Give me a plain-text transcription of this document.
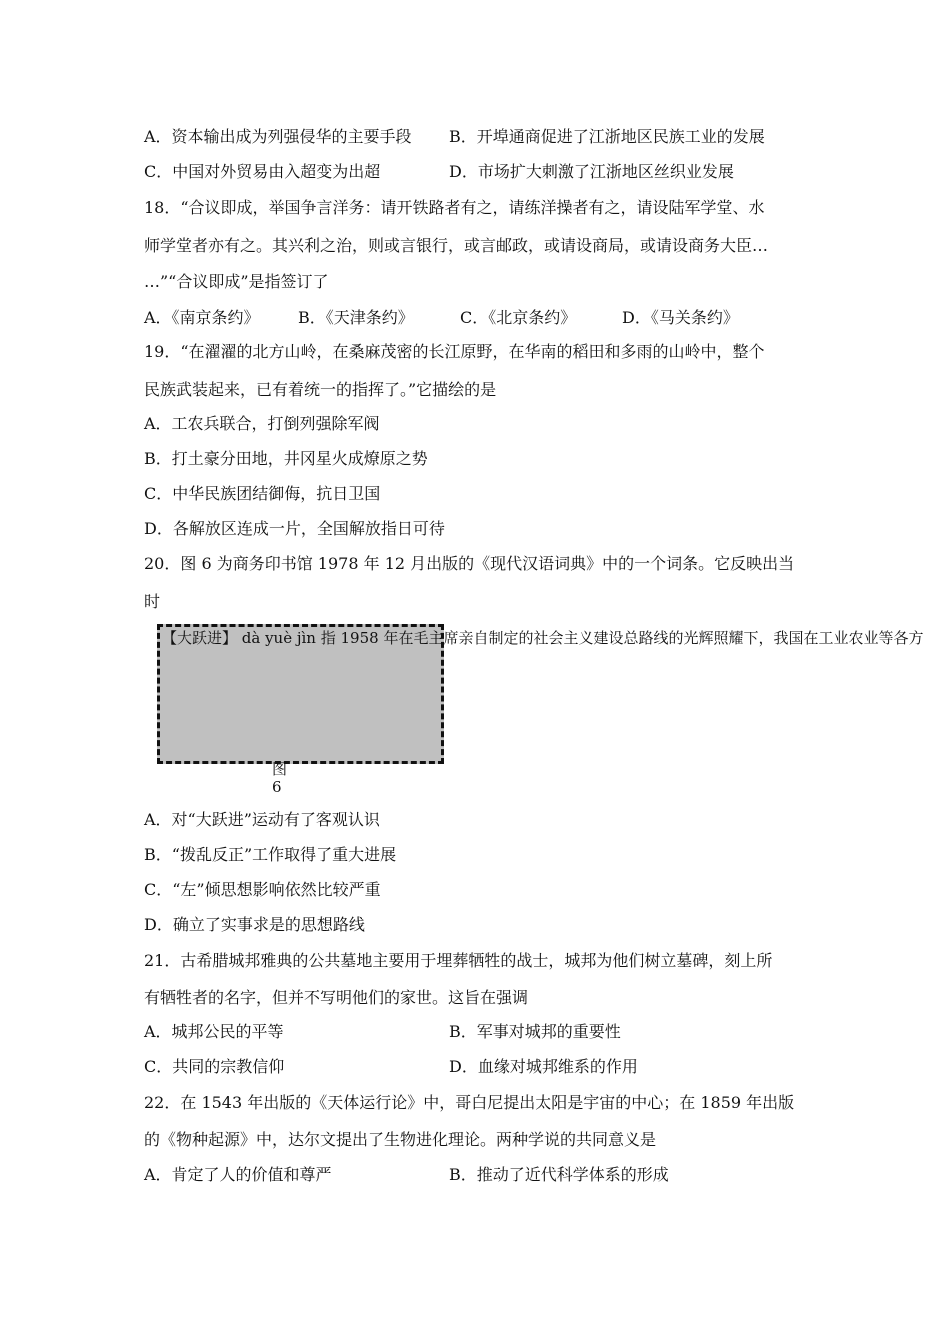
A．资本输出成为列强侵华的主要手段 B．开埠通商促进了江浙地区民族工业的发展
C．中国对外贸易由入超变为出超	D．市场扩大刺激了江浙地区丝织业发展
18．“合议即成，举国争言洋务：请开铁路者有之，请练洋操者有之，请设陆军学堂、水
师学堂者亦有之。其兴利之治，则或言银行，或言邮政，或请设商局，或请设商务大臣…
…”“合议即成”是指签订了
A．《南京条约》 B．《天津条约》	C．《北京条约》	D．《马关条约》
19．“在濯濯的北方山岭，在桑麻茂密的长江原野，在华南的稻田和多雨的山岭中，整个
民族武装起来，已有着统一的指挥了。”它描绘的是
A．工农兵联合，打倒列强除军阀
B．打土豪分田地，井冈星火成燎原之势
C．中华民族团结御侮，抗日卫国
D．各解放区连成一片，全国解放指日可待
20．图 6 为商务印书馆 1978 年 12 月出版的《现代汉语词典》中的一个词条。它反映出当
时
【大跃进】 dà yuè jìn 指 1958 年在毛主席亲自制定的社会主义建设总路线的光辉照耀下，我国在工业农业等各方
图
6
A．对“大跃进”运动有了客观认识
B．“拨乱反正”工作取得了重大进展
C．“左”倾思想影响依然比较严重
D．确立了实事求是的思想路线
21．古希腊城邦雅典的公共墓地主要用于埋葬牺牲的战士，城邦为他们树立墓碑，刻上所
有牺牲者的名字，但并不写明他们的家世。这旨在强调
A．城邦公民的平等	B．军事对城邦的重要性
C．共同的宗教信仰	D．血缘对城邦维系的作用
22．在 1543 年出版的《天体运行论》中，哥白尼提出太阳是宇宙的中心；在 1859 年出版
的《物种起源》中，达尔文提出了生物进化理论。两种学说的共同意义是
A．肯定了人的价值和尊严	B．推动了近代科学体系的形成
